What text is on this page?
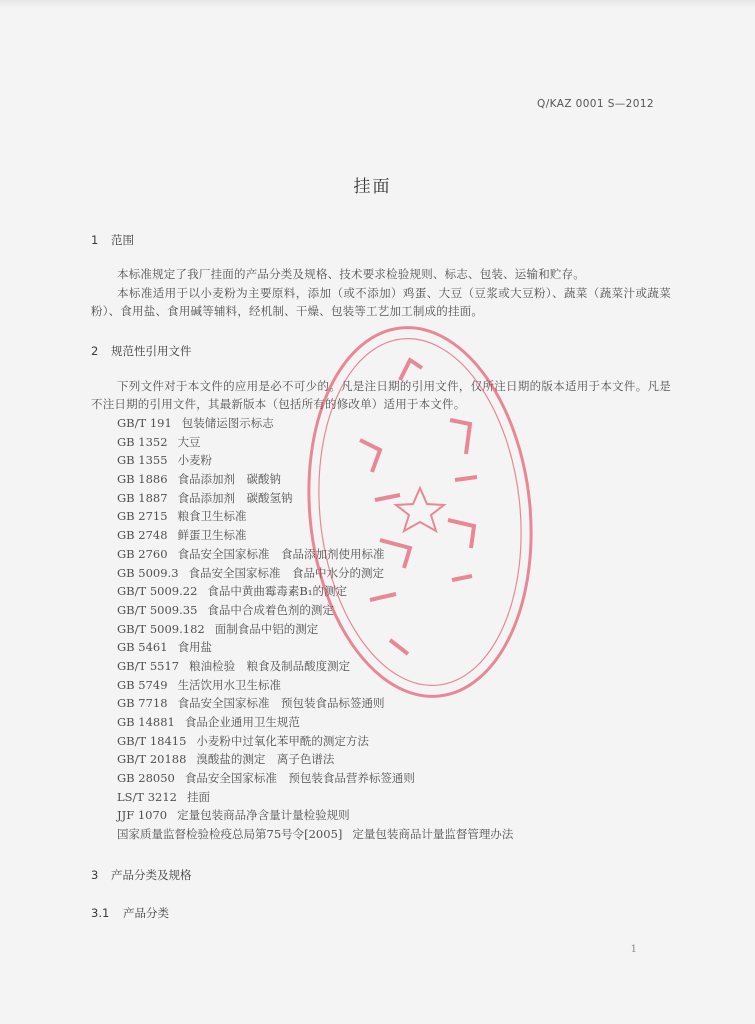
Q/KAZ 0001 S—2012
挂面
1 范围

本标准规定了我厂挂面的产品分类及规格、技术要求检验规则、标志、包装、运输和贮存。

本标准适用于以小麦粉为主要原料，添加（或不添加）鸡蛋、大豆（豆浆或大豆粉）、蔬菜（蔬菜汁或蔬菜粉）、食用盐、食用碱等辅料，经机制、干燥、包装等工艺加工制成的挂面。

2 规范性引用文件

下列文件对于本文件的应用是必不可少的。凡是注日期的引用文件，仅所注日期的版本适用于本文件。凡是不注日期的引用文件，其最新版本（包括所有的修改单）适用于本文件。

GB/T 191 包装储运图示标志
GB 1352 大豆
GB 1355 小麦粉
GB 1886 食品添加剂　碳酸钠
GB 1887 食品添加剂　碳酸氢钠
GB 2715 粮食卫生标准
GB 2748 鲜蛋卫生标准
GB 2760 食品安全国家标准　食品添加剂使用标准
GB 5009.3 食品安全国家标准　食品中水分的测定
GB/T 5009.22 食品中黄曲霉毒素B₁的测定
GB/T 5009.35 食品中合成着色剂的测定
GB/T 5009.182 面制食品中铝的测定
GB 5461 食用盐
GB/T 5517 粮油检验　粮食及制品酸度测定
GB 5749 生活饮用水卫生标准
GB 7718 食品安全国家标准　预包装食品标签通则
GB 14881 食品企业通用卫生规范
GB/T 18415 小麦粉中过氧化苯甲酰的测定方法
GB/T 20188 溴酸盐的测定　离子色谱法
GB 28050 食品安全国家标准　预包装食品营养标签通则
LS/T 3212 挂面
JJF 1070 定量包装商品净含量计量检验规则
国家质量监督检验检疫总局第75号令[2005] 定量包装商品计量监督管理办法
3 产品分类及规格
3.1 产品分类
1
